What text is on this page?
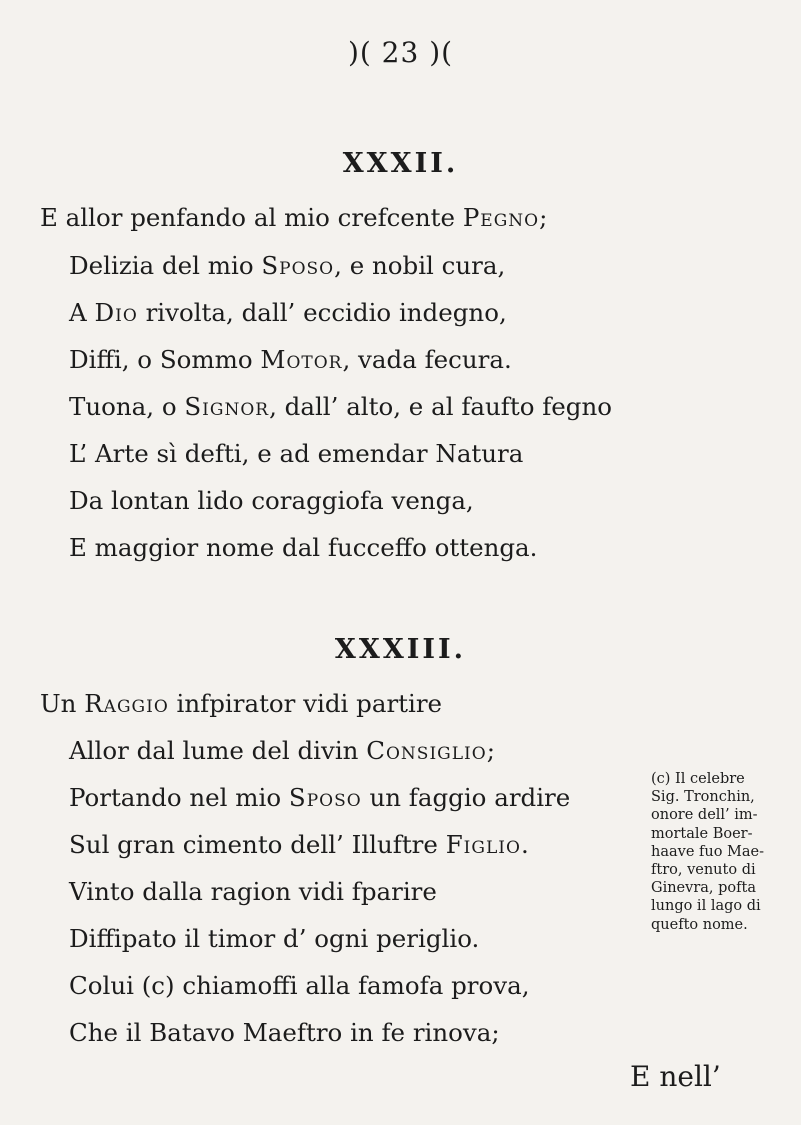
)( 23 )(
XXXII.
E allor penfando al mio crefcente Pegno;
Delizia del mio Sposo, e nobil cura,
A Dio rivolta, dall’ eccidio indegno,
Diffi, o Sommo Motor, vada fecura.
Tuona, o Signor, dall’ alto, e al faufto fegno
L’ Arte sì defti, e ad emendar Natura
Da lontan lido coraggiofa venga,
E maggior nome dal fucceffo ottenga.
XXXIII.
Un Raggio infpirator vidi partire
Allor dal lume del divin Consiglio;
Portando nel mio Sposo un faggio ardire
Sul gran cimento dell’ Illuftre Figlio.
Vinto dalla ragion vidi fparire
Diffipato il timor d’ ogni periglio.
Colui (c) chiamoffi alla famofa prova,
Che il Batavo Maeftro in fe rinova;
(c) Il celebre
Sig. Tronchin,
onore dell’ im-
mortale Boer-
haave fuo Mae-
ftro, venuto di
Ginevra, pofta
lungo il lago di
quefto nome.
E nell’
